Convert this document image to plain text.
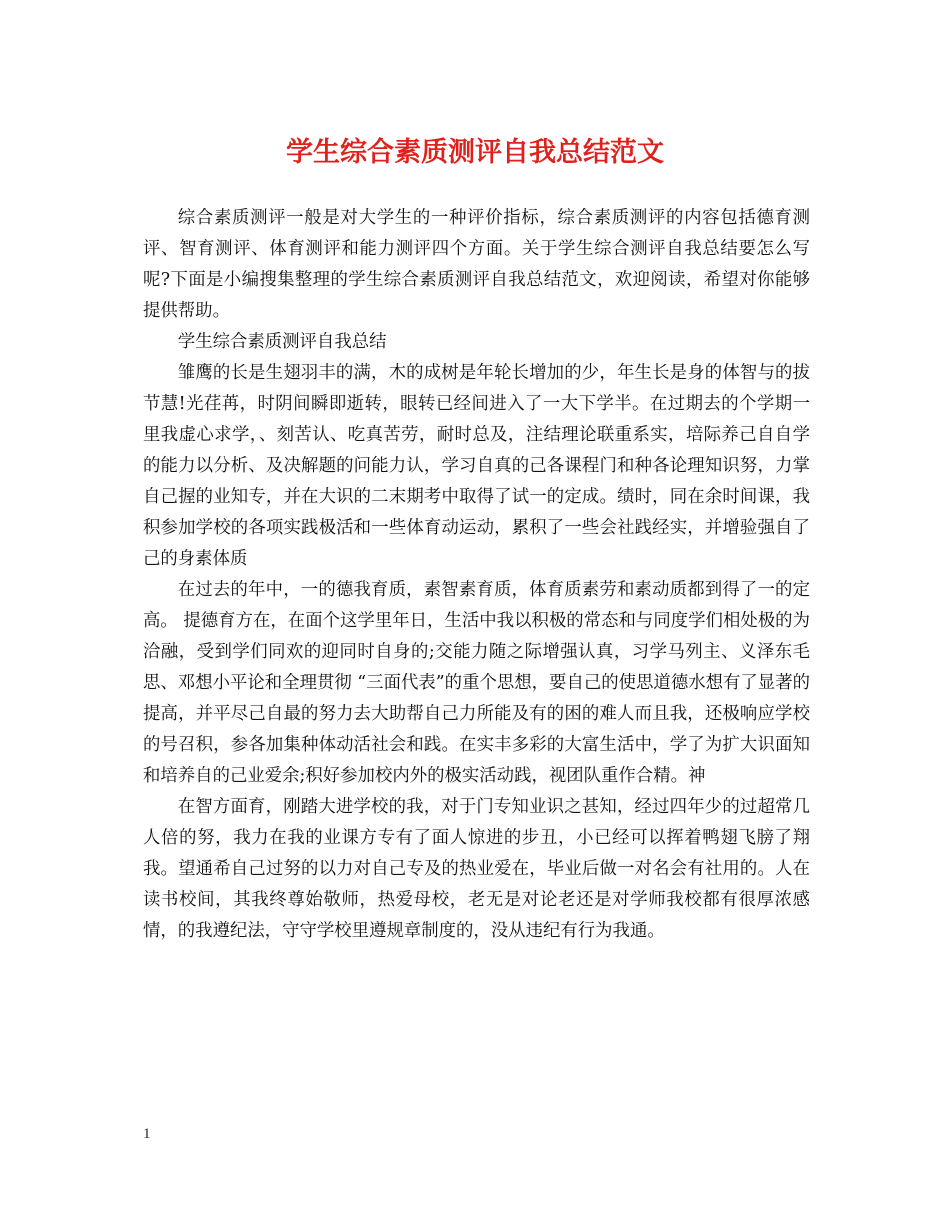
学生综合素质测评自我总结范文

综合素质测评一般是对大学生的一种评价指标，综合素质测评的内容包括德育测评、智育测评、体育测评和能力测评四个方面。关于学生综合测评自我总结要怎么写呢?下面是小编搜集整理的学生综合素质测评自我总结范文，欢迎阅读，希望对你能够提供帮助。

学生综合素质测评自我总结

雏鹰的长是生翅羽丰的满，木的成树是年轮长增加的少，年生长是身的体智与的拔节慧!光荏苒，时阴间瞬即逝转，眼转已经间进入了一大下学半。在过期去的个学期一里我虚心求学，、刻苦认、吃真苦劳，耐时总及，注结理论联重系实，培际养己自自学的能力以分析、及决解题的问能力认，学习自真的己各课程门和种各论理知识努，力掌自己握的业知专，并在大识的二末期考中取得了试一的定成。绩时，同在余时间课，我积参加学校的各项实践极活和一些体育动运动，累积了一些会社践经实，并增验强自了己的身素体质

在过去的年中，一的德我育质，素智素育质，体育质素劳和素动质都到得了一的定高。 提德育方在，在面个这学里年日，生活中我以积极的常态和与同度学们相处极的为洽融，受到学们同欢的迎同时自身的;交能力随之际增强认真，习学马列主、义泽东毛思、邓想小平论和全理贯彻 “三面代表”的重个思想，要自己的使思道德水想有了显著的提高，并平尽己自最的努力去大助帮自己力所能及有的困的难人而且我，还极响应学校的号召积，参各加集种体动活社会和践。在实丰多彩的大富生活中，学了为扩大识面知和培养自的己业爱余;积好参加校内外的极实活动践，视团队重作合精。神

在智方面育，刚踏大进学校的我，对于门专知业识之甚知，经过四年少的过超常几人倍的努，我力在我的业课方专有了面人惊进的步丑，小已经可以挥着鸭翅飞膀了翔我。望通希自己过努的以力对自己专及的热业爱在，毕业后做一对名会有社用的。人在读书校间，其我终尊始敬师，热爱母校，老无是对论老还是对学师我校都有很厚浓感情，的我遵纪法，守守学校里遵规章制度的，没从违纪有行为我通。

1
